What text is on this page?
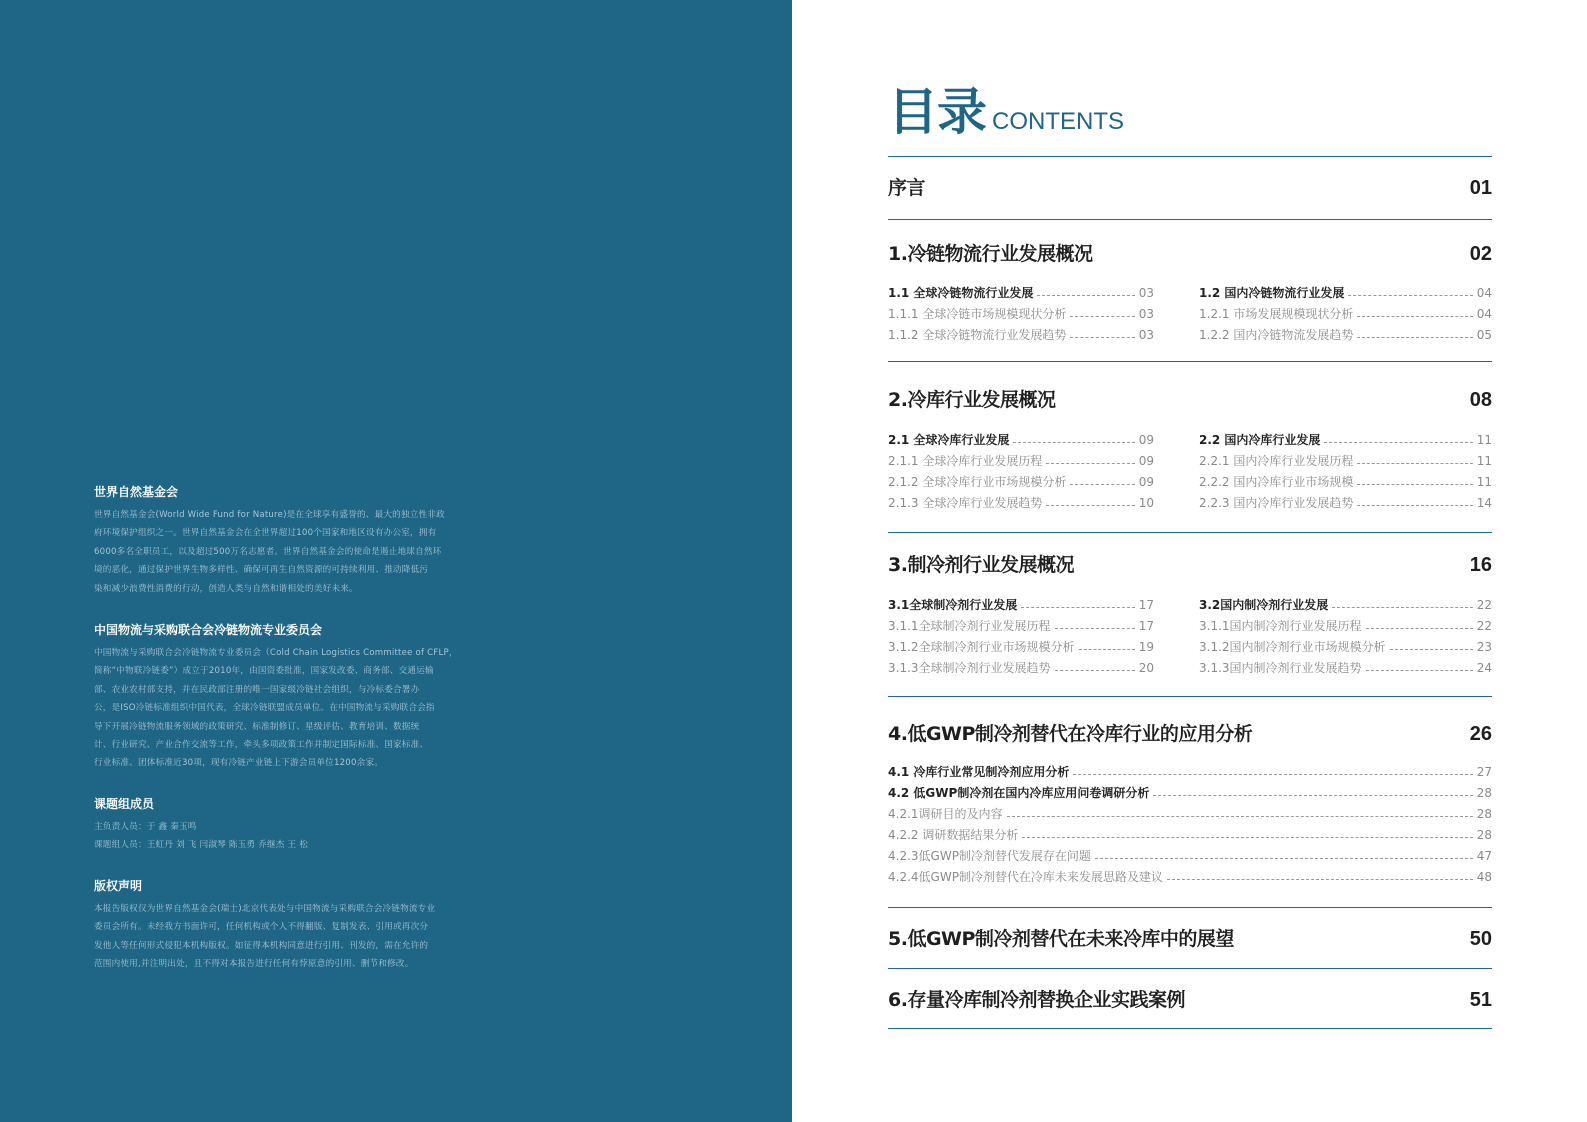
世界自然基金会

世界自然基金会(World Wide Fund for Nature)是在全球享有盛誉的、最大的独立性非政
府环境保护组织之一。世界自然基金会在全世界超过100个国家和地区设有办公室，拥有
6000多名全职员工，以及超过500万名志愿者。世界自然基金会的使命是遏止地球自然环
境的恶化，通过保护世界生物多样性、确保可再生自然资源的可持续利用、推动降低污
染和减少浪费性消费的行动，创造人类与自然和谐相处的美好未来。

中国物流与采购联合会冷链物流专业委员会

中国物流与采购联合会冷链物流专业委员会（Cold Chain Logistics Committee of CFLP，
简称“中物联冷链委”）成立于2010年，由国资委批准，国家发改委、商务部、交通运输
部、农业农村部支持，并在民政部注册的唯一国家级冷链社会组织，与冷标委合署办
公，是ISO冷链标准组织中国代表，全球冷链联盟成员单位。在中国物流与采购联合会指
导下开展冷链物流服务领域的政策研究、标准制修订、星级评估、教育培训、数据统
计、行业研究、产业合作交流等工作，牵头多项政策工作并制定国际标准、国家标准、
行业标准、团体标准近30项，现有冷链产业链上下游会员单位1200余家。

课题组成员

主负责人员：于 鑫 秦玉鸣
课题组人员：王虹丹 刘 飞 闫淑琴 陈玉勇 乔继杰 王 松

版权声明

本报告版权仅为世界自然基金会(瑞士)北京代表处与中国物流与采购联合会冷链物流专业
委员会所有。未经我方书面许可，任何机构或个人不得翻版、复制发表、引用或再次分
发他人等任何形式侵犯本机构版权。如征得本机构同意进行引用、刊发的，需在允许的
范围内使用,并注明出处，且不得对本报告进行任何有悖原意的引用、删节和修改。

目录 CONTENTS
序言	01
1.冷链物流行业发展概况	02
1.1 全球冷链物流行业发展	03
1.1.1 全球冷链市场规模现状分析	03
1.1.2 全球冷链物流行业发展趋势	03
1.2 国内冷链物流行业发展	04
1.2.1 市场发展规模现状分析	04
1.2.2 国内冷链物流发展趋势	05
2.冷库行业发展概况	08
2.1 全球冷库行业发展	09
2.1.1 全球冷库行业发展历程	09
2.1.2 全球冷库行业市场规模分析	09
2.1.3 全球冷库行业发展趋势	10
2.2 国内冷库行业发展	11
2.2.1 国内冷库行业发展历程	11
2.2.2 国内冷库行业市场规模	11
2.2.3 国内冷库行业发展趋势	14
3.制冷剂行业发展概况	16
3.1全球制冷剂行业发展	17
3.1.1全球制冷剂行业发展历程	17
3.1.2全球制冷剂行业市场规模分析	19
3.1.3全球制冷剂行业发展趋势	20
3.2国内制冷剂行业发展	22
3.1.1国内制冷剂行业发展历程	22
3.1.2国内制冷剂行业市场规模分析	23
3.1.3国内制冷剂行业发展趋势	24
4.低GWP制冷剂替代在冷库行业的应用分析	26
4.1 冷库行业常见制冷剂应用分析	27
4.2 低GWP制冷剂在国内冷库应用问卷调研分析	28
4.2.1调研目的及内容	28
4.2.2 调研数据结果分析	28
4.2.3低GWP制冷剂替代发展存在问题	47
4.2.4低GWP制冷剂替代在冷库未来发展思路及建议	48
5.低GWP制冷剂替代在未来冷库中的展望	50
6.存量冷库制冷剂替换企业实践案例	51
